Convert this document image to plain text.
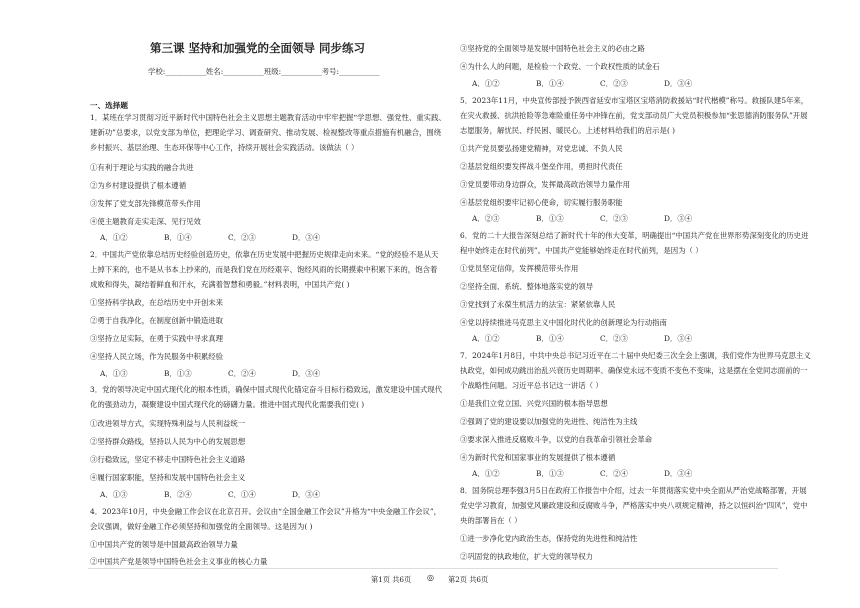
第三课 坚持和加强党的全面领导 同步练习
学校:___________姓名:___________班级:___________考号:___________
一、选择题
1．某班在学习贯彻习近平新时代中国特色社会主义思想主题教育活动中牢牢把握“学思想、强党性、重实践、
建新功”总要求，以党支部为单位，把理论学习、调查研究、推动发展、检视整改等重点措施有机融合，围绕
乡村振兴、基层治理、生态环保等中心工作，持续开展社会实践活动。该做法（ ）
①有利于理论与实践的融合共进
②为乡村建设提供了根本遵循
③发挥了党支部先锋模范带头作用
④使主题教育走实走深、见行见效
A．①②	B．①④	C．②③	D．③④
2．中国共产党依靠总结历史经验创造历史，依靠在历史发展中把握历史规律走向未来。“党的经验不是从天
上掉下来的，也不是从书本上抄来的，而是我们党在历经艰辛、饱经风雨的长期摸索中积累下来的，饱含着
成败和得失，凝结着鲜血和汗水，充满着智慧和勇毅。”材料表明，中国共产党( )
①坚持科学执政，在总结历史中开创未来
②勇于自我净化，在制度创新中锻造进取
③坚持立足实际，在勇于实践中寻求真理
④坚持人民立场，作为民服务中积累经验
A．①③	B．①③	C．②④	D．③④
3．党的领导决定中国式现代化的根本性质，确保中国式现代化锚定奋斗目标行稳致远，激发建设中国式现代
化的强劲动力，凝聚建设中国式现代化的磅礴力量。推进中国式现代化需要我们党( )
①改进领导方式，实现特殊利益与人民利益统一
②坚持群众路线，坚持以人民为中心的发展思想
③行稳致远，坚定不移走中国特色社会主义道路
④履行国家职能，坚持和发展中国特色社会主义
A．①③	B．②④	C．①④	D．③④
4．2023年10月，中央金融工作会议在北京召开。会议由“全国金融工作会议”升格为“中央金融工作会议”，
会议强调，做好金融工作必须坚持和加强党的全面领导。这是因为( )
①中国共产党的领导是中国最高政治领导力量
②中国共产党是领导中国特色社会主义事业的核心力量
③坚持党的全面领导是发展中国特色社会主义的必由之路
④为什么人的问题，是检验一个政党、一个政权性质的试金石
A．①②	B．①④	C．②③	D．③④
5．2023年11月，中央宣传部授予陕西省延安市宝塔区宝塔消防救援站“时代楷模”称号。救援队建5年来，
在灾火救援、抗洪抢险等急难险重任务中冲锋在前，党支部动员广大党员积极参加“张思德消防服务队”开展
志愿服务，解忧民、纾民困、暖民心。上述材料给我们的启示是( )
①共产党员要弘扬建党精神，对党忠诚、不负人民
②基层党组织要发挥战斗堡垒作用，勇担时代责任
③党员要带动身边群众，发挥最高政治领导力量作用
④基层党组织要牢记初心使命，切实履行服务职能
A．②③	B．①③	C．②③	D．③④
6．党的二十大报告深刻总结了新时代十年的伟大变革，明确提出“中国共产党在世界形势深刻变化的历史进
程中始终走在时代前列”。中国共产党能够始终走在时代前列，是因为（ ）
①党员坚定信仰，发挥模范带头作用
②坚持全面、系统、整体地落实党的领导
③党找到了永葆生机活力的法宝：紧紧依靠人民
④党以持续推进马克思主义中国化时代化的创新理论为行动指南
A．①②	B．①④	C．②③	D．③④
7．2024年1月8日，中共中央总书记习近平在二十届中央纪委三次全会上强调，我们党作为世界马克思主义
执政党，如何成功跳出治乱兴衰历史周期率、确保党永远不变质不变色不变味，这是摆在全党同志面前的一
个战略性问题。习近平总书记这一讲话（ ）
①是我们立党立国、兴党兴国的根本指导思想
②强调了党的建设要以加强党的先进性、纯洁性为主线
③要求深入推进反腐败斗争，以党的自我革命引领社会革命
④为新时代党和国家事业的发展提供了根本遵循
A．①②	B．①③	C．②④	D．③④
8．国务院总理李强3月5日在政府工作报告中介绍，过去一年贯彻落实党中央全面从严治党战略部署，开展
党史学习教育，加强党风廉政建设和反腐败斗争，严格落实中央八项规定精神，持之以恒纠治“四风”，党中
央的部署旨在（ ）
①进一步净化党内政治生态，保持党的先进性和纯洁性
②巩固党的执政地位，扩大党的领导权力
第1页 共6页 ◎ 第2页 共6页
